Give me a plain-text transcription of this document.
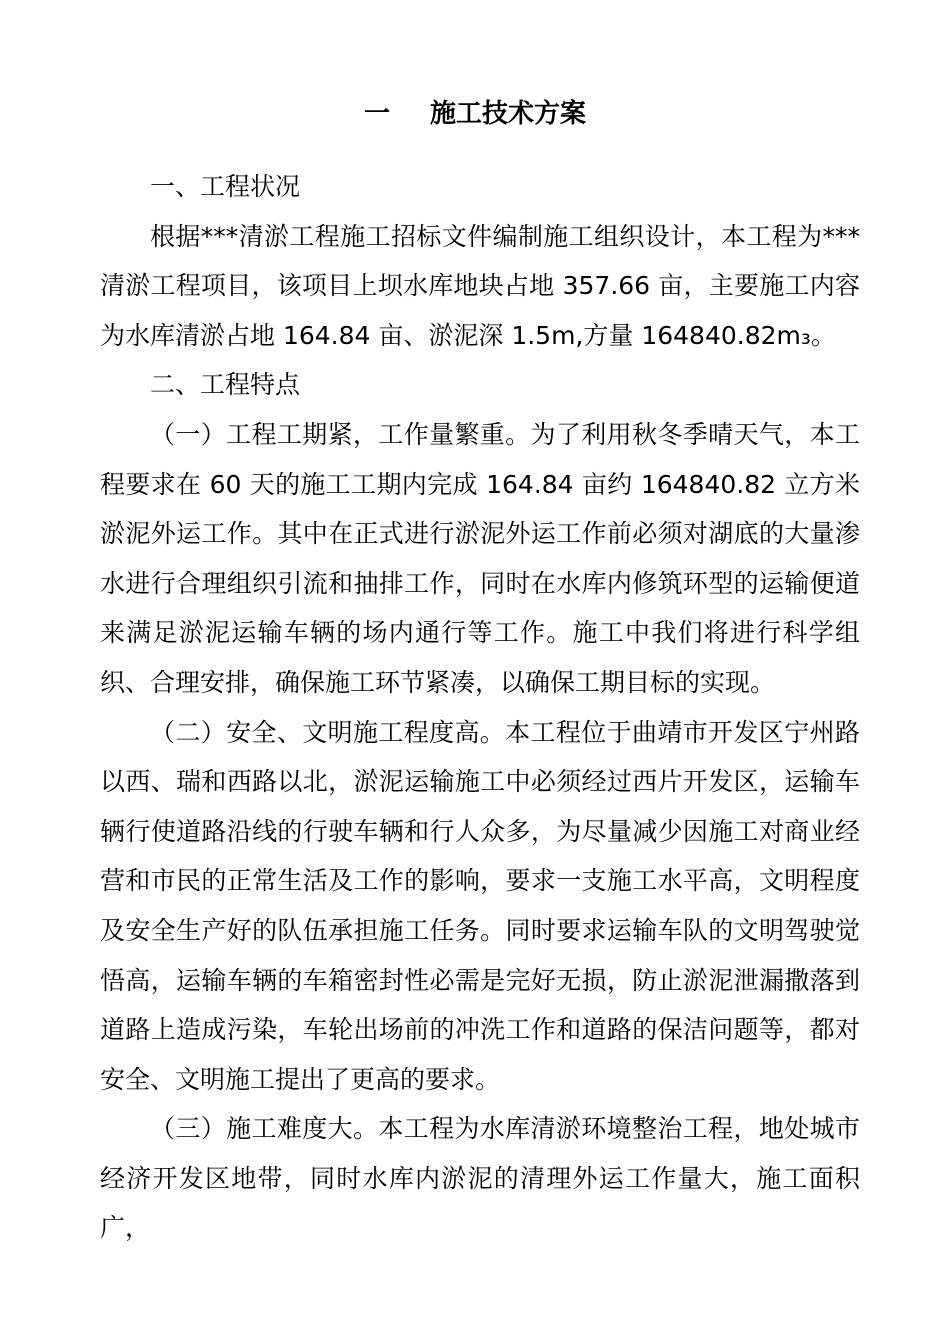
一 施工技术方案

一、工程状况

根据***清淤工程施工招标文件编制施工组织设计，本工程为***清淤工程项目，该项目上坝水库地块占地 357.66 亩，主要施工内容为水库清淤占地 164.84 亩、淤泥深 1.5m,方量 164840.82m₃。

二、工程特点

（一）工程工期紧，工作量繁重。为了利用秋冬季晴天气，本工程要求在 60 天的施工工期内完成 164.84 亩约 164840.82 立方米淤泥外运工作。其中在正式进行淤泥外运工作前必须对湖底的大量渗水进行合理组织引流和抽排工作，同时在水库内修筑环型的运输便道来满足淤泥运输车辆的场内通行等工作。施工中我们将进行科学组织、合理安排，确保施工环节紧凑，以确保工期目标的实现。

（二）安全、文明施工程度高。本工程位于曲靖市开发区宁州路以西、瑞和西路以北，淤泥运输施工中必须经过西片开发区，运输车辆行使道路沿线的行驶车辆和行人众多，为尽量减少因施工对商业经营和市民的正常生活及工作的影响，要求一支施工水平高，文明程度及安全生产好的队伍承担施工任务。同时要求运输车队的文明驾驶觉悟高，运输车辆的车箱密封性必需是完好无损，防止淤泥泄漏撒落到道路上造成污染，车轮出场前的冲洗工作和道路的保洁问题等，都对安全、文明施工提出了更高的要求。

（三）施工难度大。本工程为水库清淤环境整治工程，地处城市经济开发区地带，同时水库内淤泥的清理外运工作量大，施工面积广，
